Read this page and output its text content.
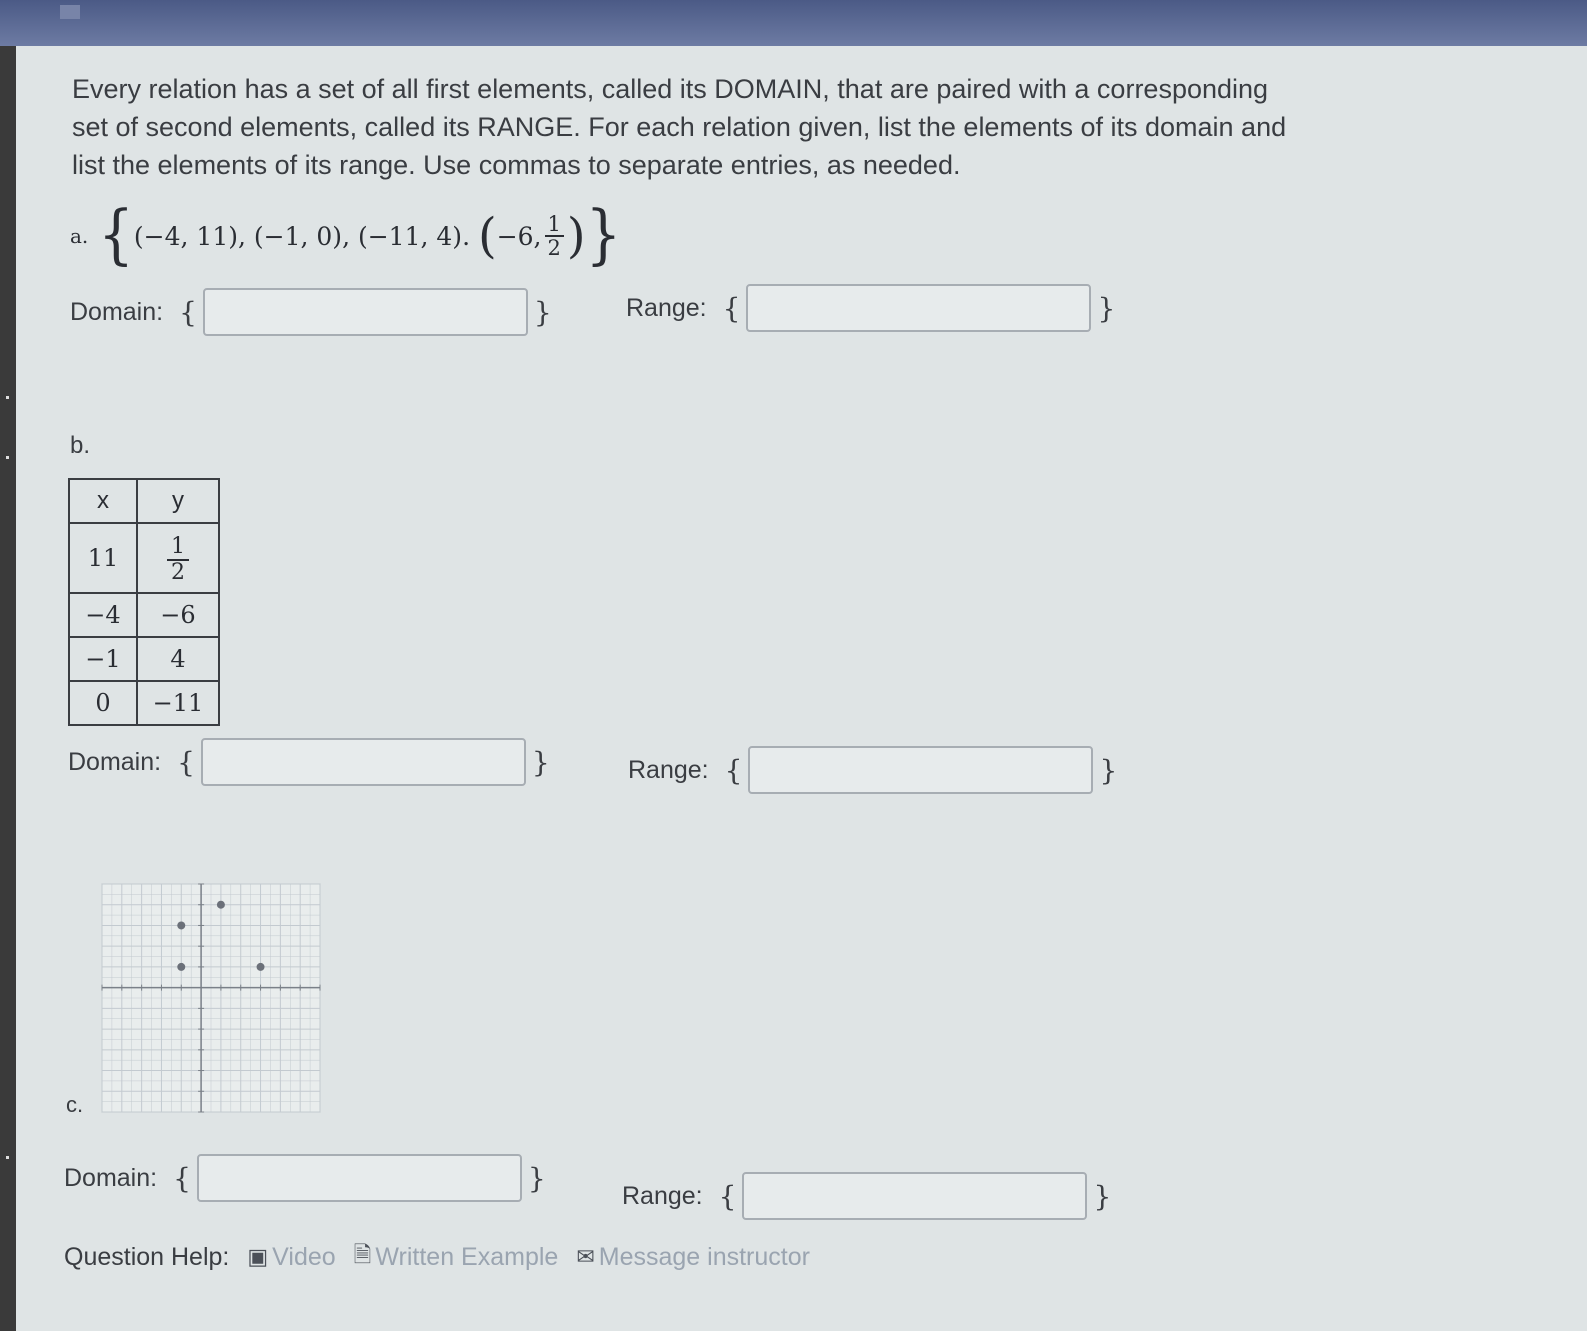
Every relation has a set of all first elements, called its DOMAIN, that are paired with a corresponding set of second elements, called its RANGE. For each relation given, list the elements of its domain and list the elements of its range. Use commas to separate entries, as needed.

a. { (−4, 11) , (−1, 0) , (−11, 4) . ( −6, $\frac{1}{2}$ ) }
Domain: {	}	Range: {	}
b.
x	y
11	$\frac{1}{2}$

−4	−6
−1	4
0	−11
Domain: {	}	Range: {	}
c.
Domain: {	}
Range: {	}
Question Help: ▣ Video 🗎 Written Example ✉ Message instructor
